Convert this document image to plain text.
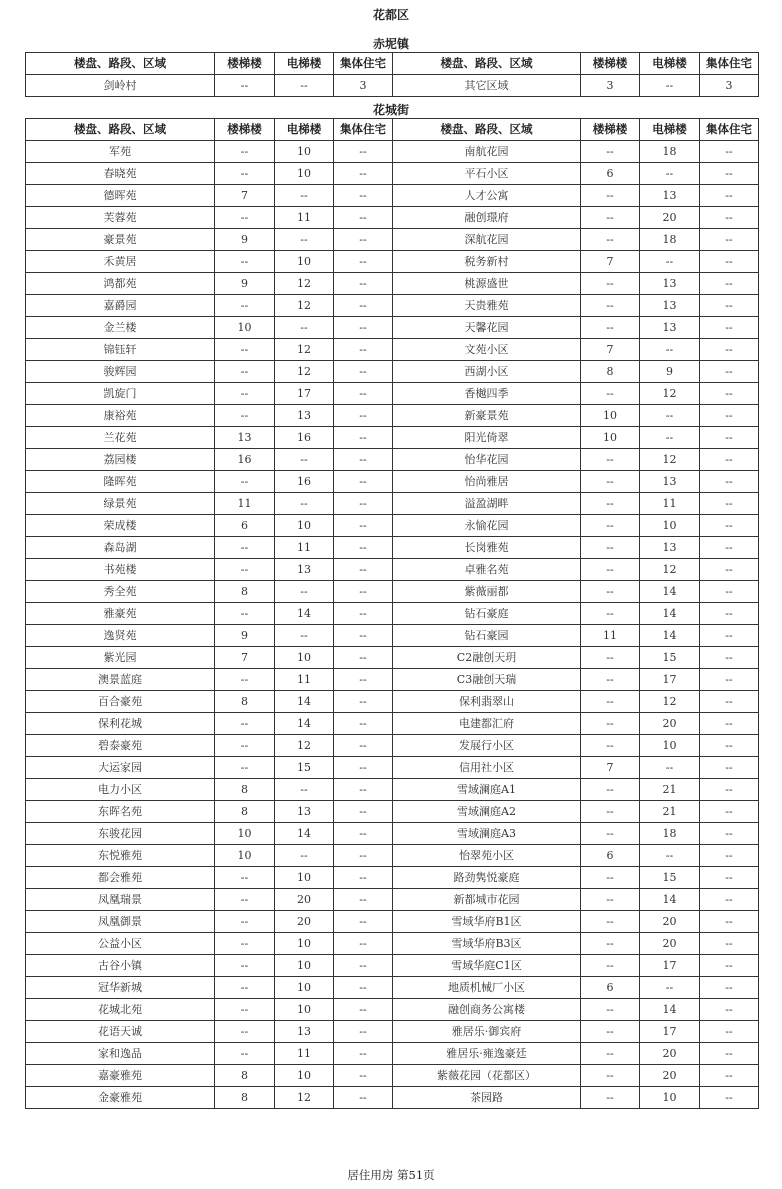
花都区
赤坭镇
楼盘、路段、区域	楼梯楼	电梯楼	集体住宅	楼盘、路段、区域	楼梯楼	电梯楼	集体住宅
剑岭村	--	--	3	其它区域	3	--	3
花城街
楼盘、路段、区域	楼梯楼	电梯楼	集体住宅	楼盘、路段、区域	楼梯楼	电梯楼	集体住宅
军苑	--	10	--	南航花园	--	18	--
春晓苑	--	10	--	平石小区	6	--	--
德晖苑	7	--	--	人才公寓	--	13	--
芙蓉苑	--	11	--	融创璟府	--	20	--
豪景苑	9	--	--	深航花园	--	18	--
禾黄居	--	10	--	税务新村	7	--	--
鸿都苑	9	12	--	桃源盛世	--	13	--
嘉爵园	--	12	--	天贵雅苑	--	13	--
金兰楼	10	--	--	天馨花园	--	13	--
锦钰轩	--	12	--	文苑小区	7	--	--
骏辉园	--	12	--	西湖小区	8	9	--
凯旋门	--	17	--	香樾四季	--	12	--
康裕苑	--	13	--	新豪景苑	10	--	--
兰花苑	13	16	--	阳光倚翠	10	--	--
荔园楼	16	--	--	怡华花园	--	12	--
隆晖苑	--	16	--	怡尚雅居	--	13	--
绿景苑	11	--	--	溢盈湖畔	--	11	--
荣成楼	6	10	--	永愉花园	--	10	--
森岛湖	--	11	--	长岗雅苑	--	13	--
书苑楼	--	13	--	卓雅名苑	--	12	--
秀全苑	8	--	--	紫薇丽都	--	14	--
雅豪苑	--	14	--	钻石豪庭	--	14	--
逸贤苑	9	--	--	钻石豪园	11	14	--
紫光园	7	10	--	C2融创天玥	--	15	--
澳景蓝庭	--	11	--	C3融创天瑞	--	17	--
百合豪苑	8	14	--	保利翡翠山	--	12	--
保利花城	--	14	--	电建都汇府	--	20	--
碧泰豪苑	--	12	--	发展行小区	--	10	--
大运家园	--	15	--	信用社小区	7	--	--
电力小区	8	--	--	雪域澜庭A1	--	21	--
东晖名苑	8	13	--	雪域澜庭A2	--	21	--
东骏花园	10	14	--	雪域澜庭A3	--	18	--
东悦雅苑	10	--	--	怡翠苑小区	6	--	--
都会雅苑	--	10	--	路劲隽悦豪庭	--	15	--
凤凰瑞景	--	20	--	新都城市花园	--	14	--
凤凰御景	--	20	--	雪域华府B1区	--	20	--
公益小区	--	10	--	雪域华府B3区	--	20	--
古谷小镇	--	10	--	雪域华庭C1区	--	17	--
冠华新城	--	10	--	地质机械厂小区	6	--	--
花城北苑	--	10	--	融创商务公寓楼	--	14	--
花语天诚	--	13	--	雅居乐·御宾府	--	17	--
家和逸品	--	11	--	雅居乐·雍逸豪廷	--	20	--
嘉豪雅苑	8	10	--	紫薇花园（花都区）	--	20	--
金豪雅苑	8	12	--	茶园路	--	10	--
居住用房 第51页
